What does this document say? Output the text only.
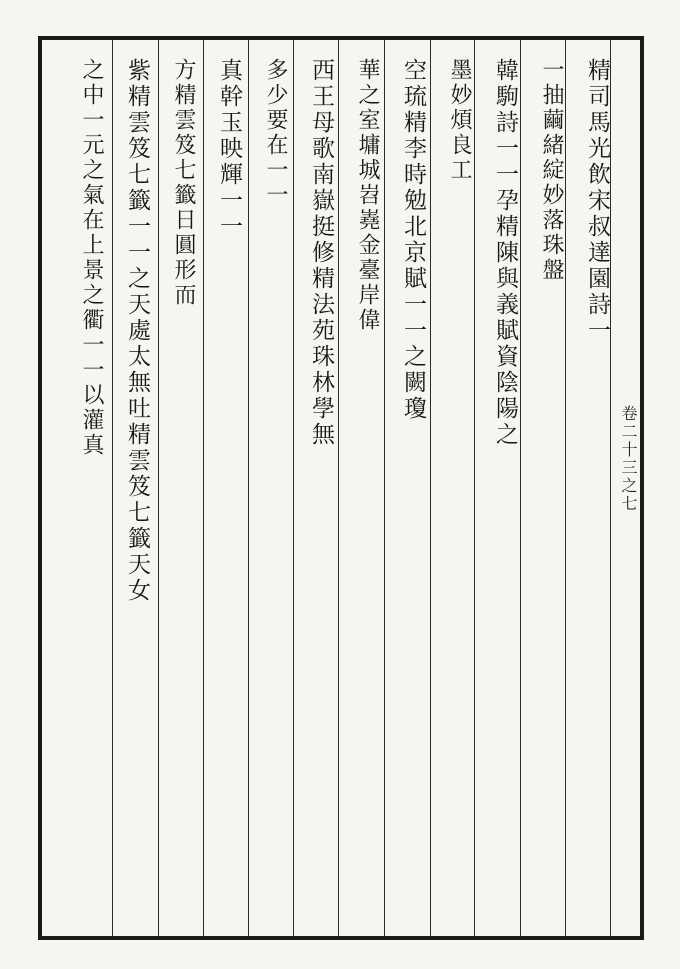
卷二十三之七
精司馬光飲宋叔達園詩一
一抽繭緒綻妙落珠盤
韓駒詩一一孕精陳與義賦資陰陽之
墨妙煩良工
空琉精李時勉北京賦一一之闕瓊
華之室墉城岧嶤金臺岸偉
西王母歌南嶽挺修精法苑珠林學無
多少要在一一
真幹玉映輝一一
方精雲笈七籤日圓形而
紫精雲笈七籤一一之天處太無吐精雲笈七籤天女
之中一元之氣在上景之衢一一以灌真
